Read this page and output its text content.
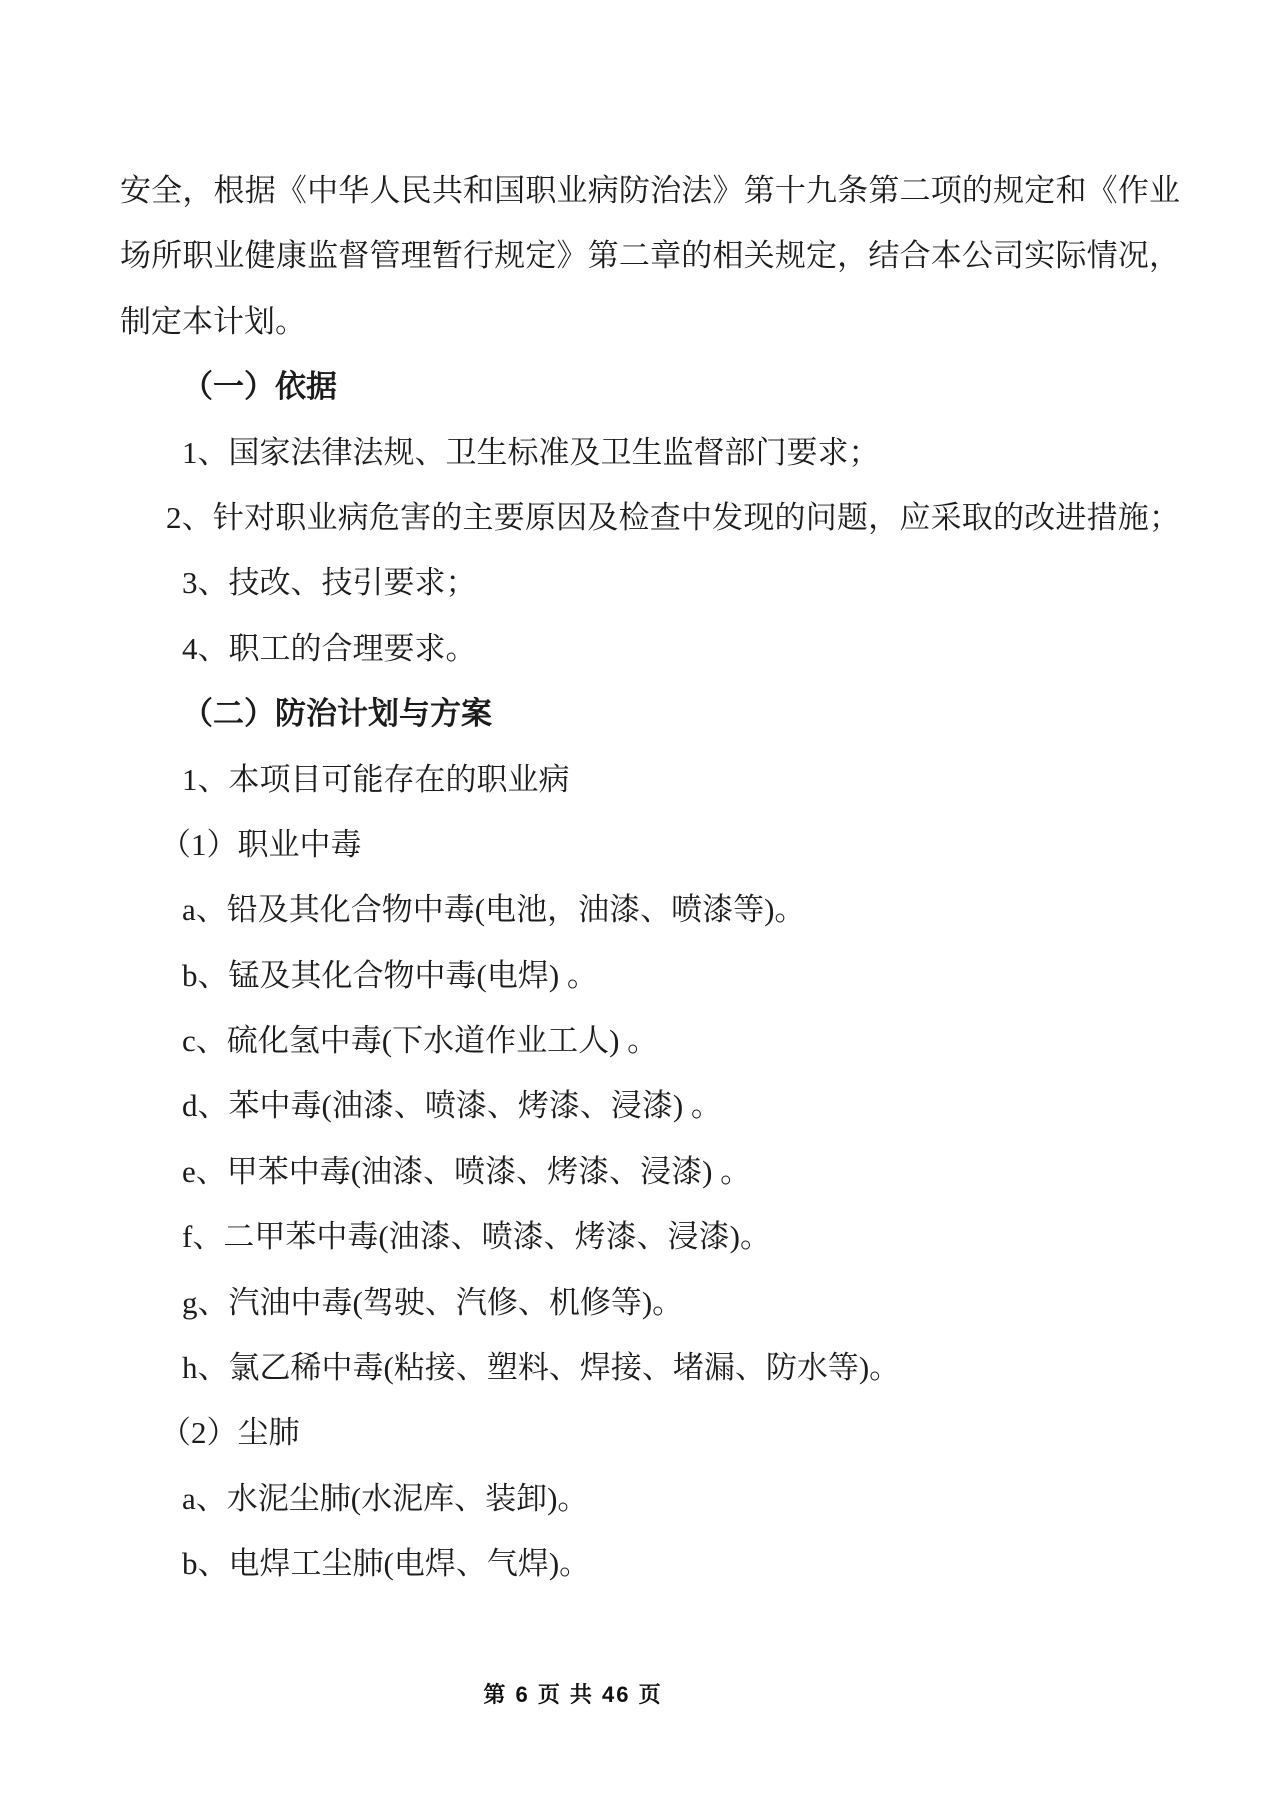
安全，根据《中华人民共和国职业病防治法》第十九条第二项的规定和《作业
场所职业健康监督管理暂行规定》第二章的相关规定，结合本公司实际情况，
制定本计划。
（一）依据
1、国家法律法规、卫生标准及卫生监督部门要求；
2、针对职业病危害的主要原因及检查中发现的问题，应采取的改进措施；
3、技改、技引要求；
4、职工的合理要求。
（二）防治计划与方案
1、本项目可能存在的职业病
（1）职业中毒
a、铅及其化合物中毒(电池，油漆、喷漆等)。
b、锰及其化合物中毒(电焊) 。
c、硫化氢中毒(下水道作业工人) 。
d、苯中毒(油漆、喷漆、烤漆、浸漆) 。
e、甲苯中毒(油漆、喷漆、烤漆、浸漆) 。
f、二甲苯中毒(油漆、喷漆、烤漆、浸漆)。
g、汽油中毒(驾驶、汽修、机修等)。
h、氯乙稀中毒(粘接、塑料、焊接、堵漏、防水等)。
（2）尘肺
a、水泥尘肺(水泥库、装卸)。
b、电焊工尘肺(电焊、气焊)。
第 6 页 共 46 页
